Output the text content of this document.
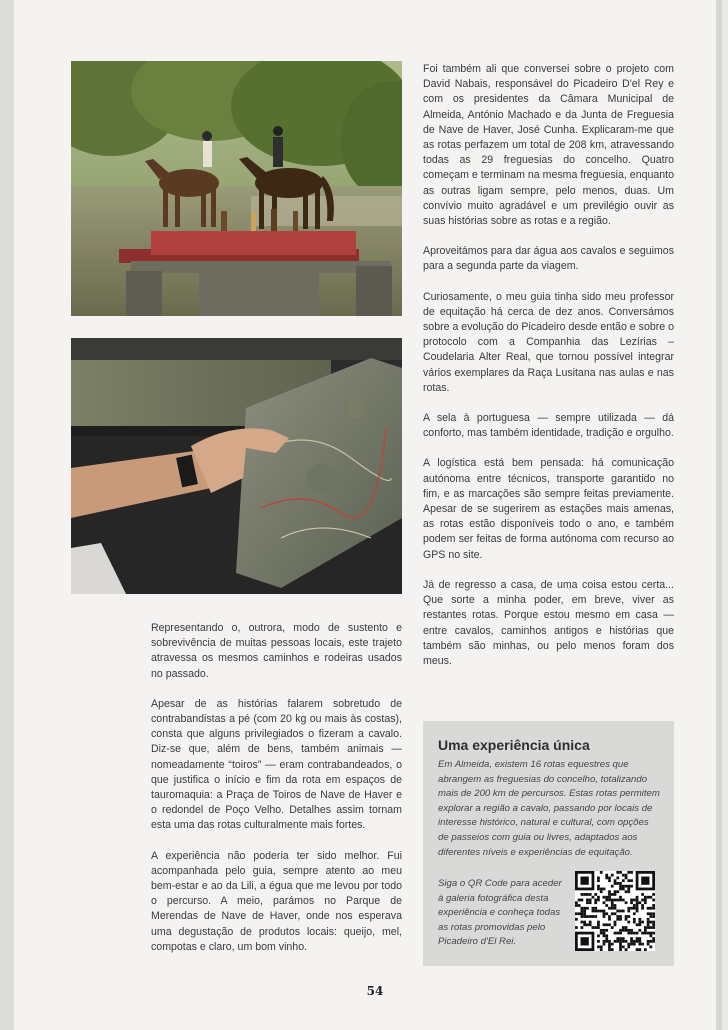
Foi também ali que conversei sobre o projeto com David Nabais, responsável do Picadeiro D'el Rey e com os presidentes da Câmara Municipal de Almeida, António Machado e da Junta de Freguesia de Nave de Haver, José Cunha. Explicaram-me que as rotas perfazem um total de 208 km, atravessando todas as 29 freguesias do concelho. Quatro começam e terminam na mesma freguesia, enquanto as outras ligam sempre, pelo menos, duas. Um convívio muito agradável e um previlégio ouvir as suas histórias sobre as rotas e a região.

Aproveitámos para dar água aos cavalos e seguimos para a segunda parte da viagem.

Curiosamente, o meu guia tinha sido meu professor de equitação há cerca de dez anos. Conversámos sobre a evolução do Picadeiro desde então e sobre o protocolo com a Companhia das Lezírias – Coudelaria Alter Real, que tornou possível integrar vários exemplares da Raça Lusitana nas aulas e nas rotas.

A sela à portuguesa — sempre utilizada — dá conforto, mas também identidade, tradição e orgulho.

A logística está bem pensada: há comunicação autónoma entre técnicos, transporte garantido no fim, e as marcações são sempre feitas previamente. Apesar de se sugerirem as estações mais amenas, as rotas estão disponíveis todo o ano, e também podem ser feitas de forma autónoma com recurso ao GPS no site.

Já de regresso a casa, de uma coisa estou certa... Que sorte a minha poder, em breve, viver as restantes rotas. Porque estou mesmo em casa — entre cavalos, caminhos antigos e histórias que também são minhas, ou pelo menos foram dos meus.

Representando o, outrora, modo de sustento e sobrevivência de muitas pessoas locais, este trajeto atravessa os mesmos caminhos e rodeiras usados no passado.

Apesar de as histórias falarem sobretudo de contrabandistas a pé (com 20 kg ou mais às costas), consta que alguns privilegiados o fizeram a cavalo. Diz-se que, além de bens, também animais — nomeadamente “toiros” — eram contrabandeados, o que justifica o início e fim da rota em espaços de tauromaquia: a Praça de Toiros de Nave de Haver e o redondel de Poço Velho. Detalhes assim tornam esta uma das rotas culturalmente mais fortes.

A experiência não poderia ter sido melhor. Fui acompanhada pelo guia, sempre atento ao meu bem-estar e ao da Lili, a égua que me levou por todo o percurso. A meio, parámos no Parque de Merendas de Nave de Haver, onde nos esperava uma degustação de produtos locais: queijo, mel, compotas e claro, um bom vinho.

Uma experiência única
Em Almeida, existem 16 rotas equestres que abrangem as freguesias do concelho, totalizando mais de 200 km de percursos. Estas rotas permitem explorar a região a cavalo, passando por locais de interesse histórico, natural e cultural, com opções de passeios com guia ou livres, adaptados aos diferentes níveis e experiências de equitação.
Siga o QR Code para aceder à galeria fotográfica desta experiência e conheça todas as rotas promovidas pelo Picadeiro d'El Rei.
54
